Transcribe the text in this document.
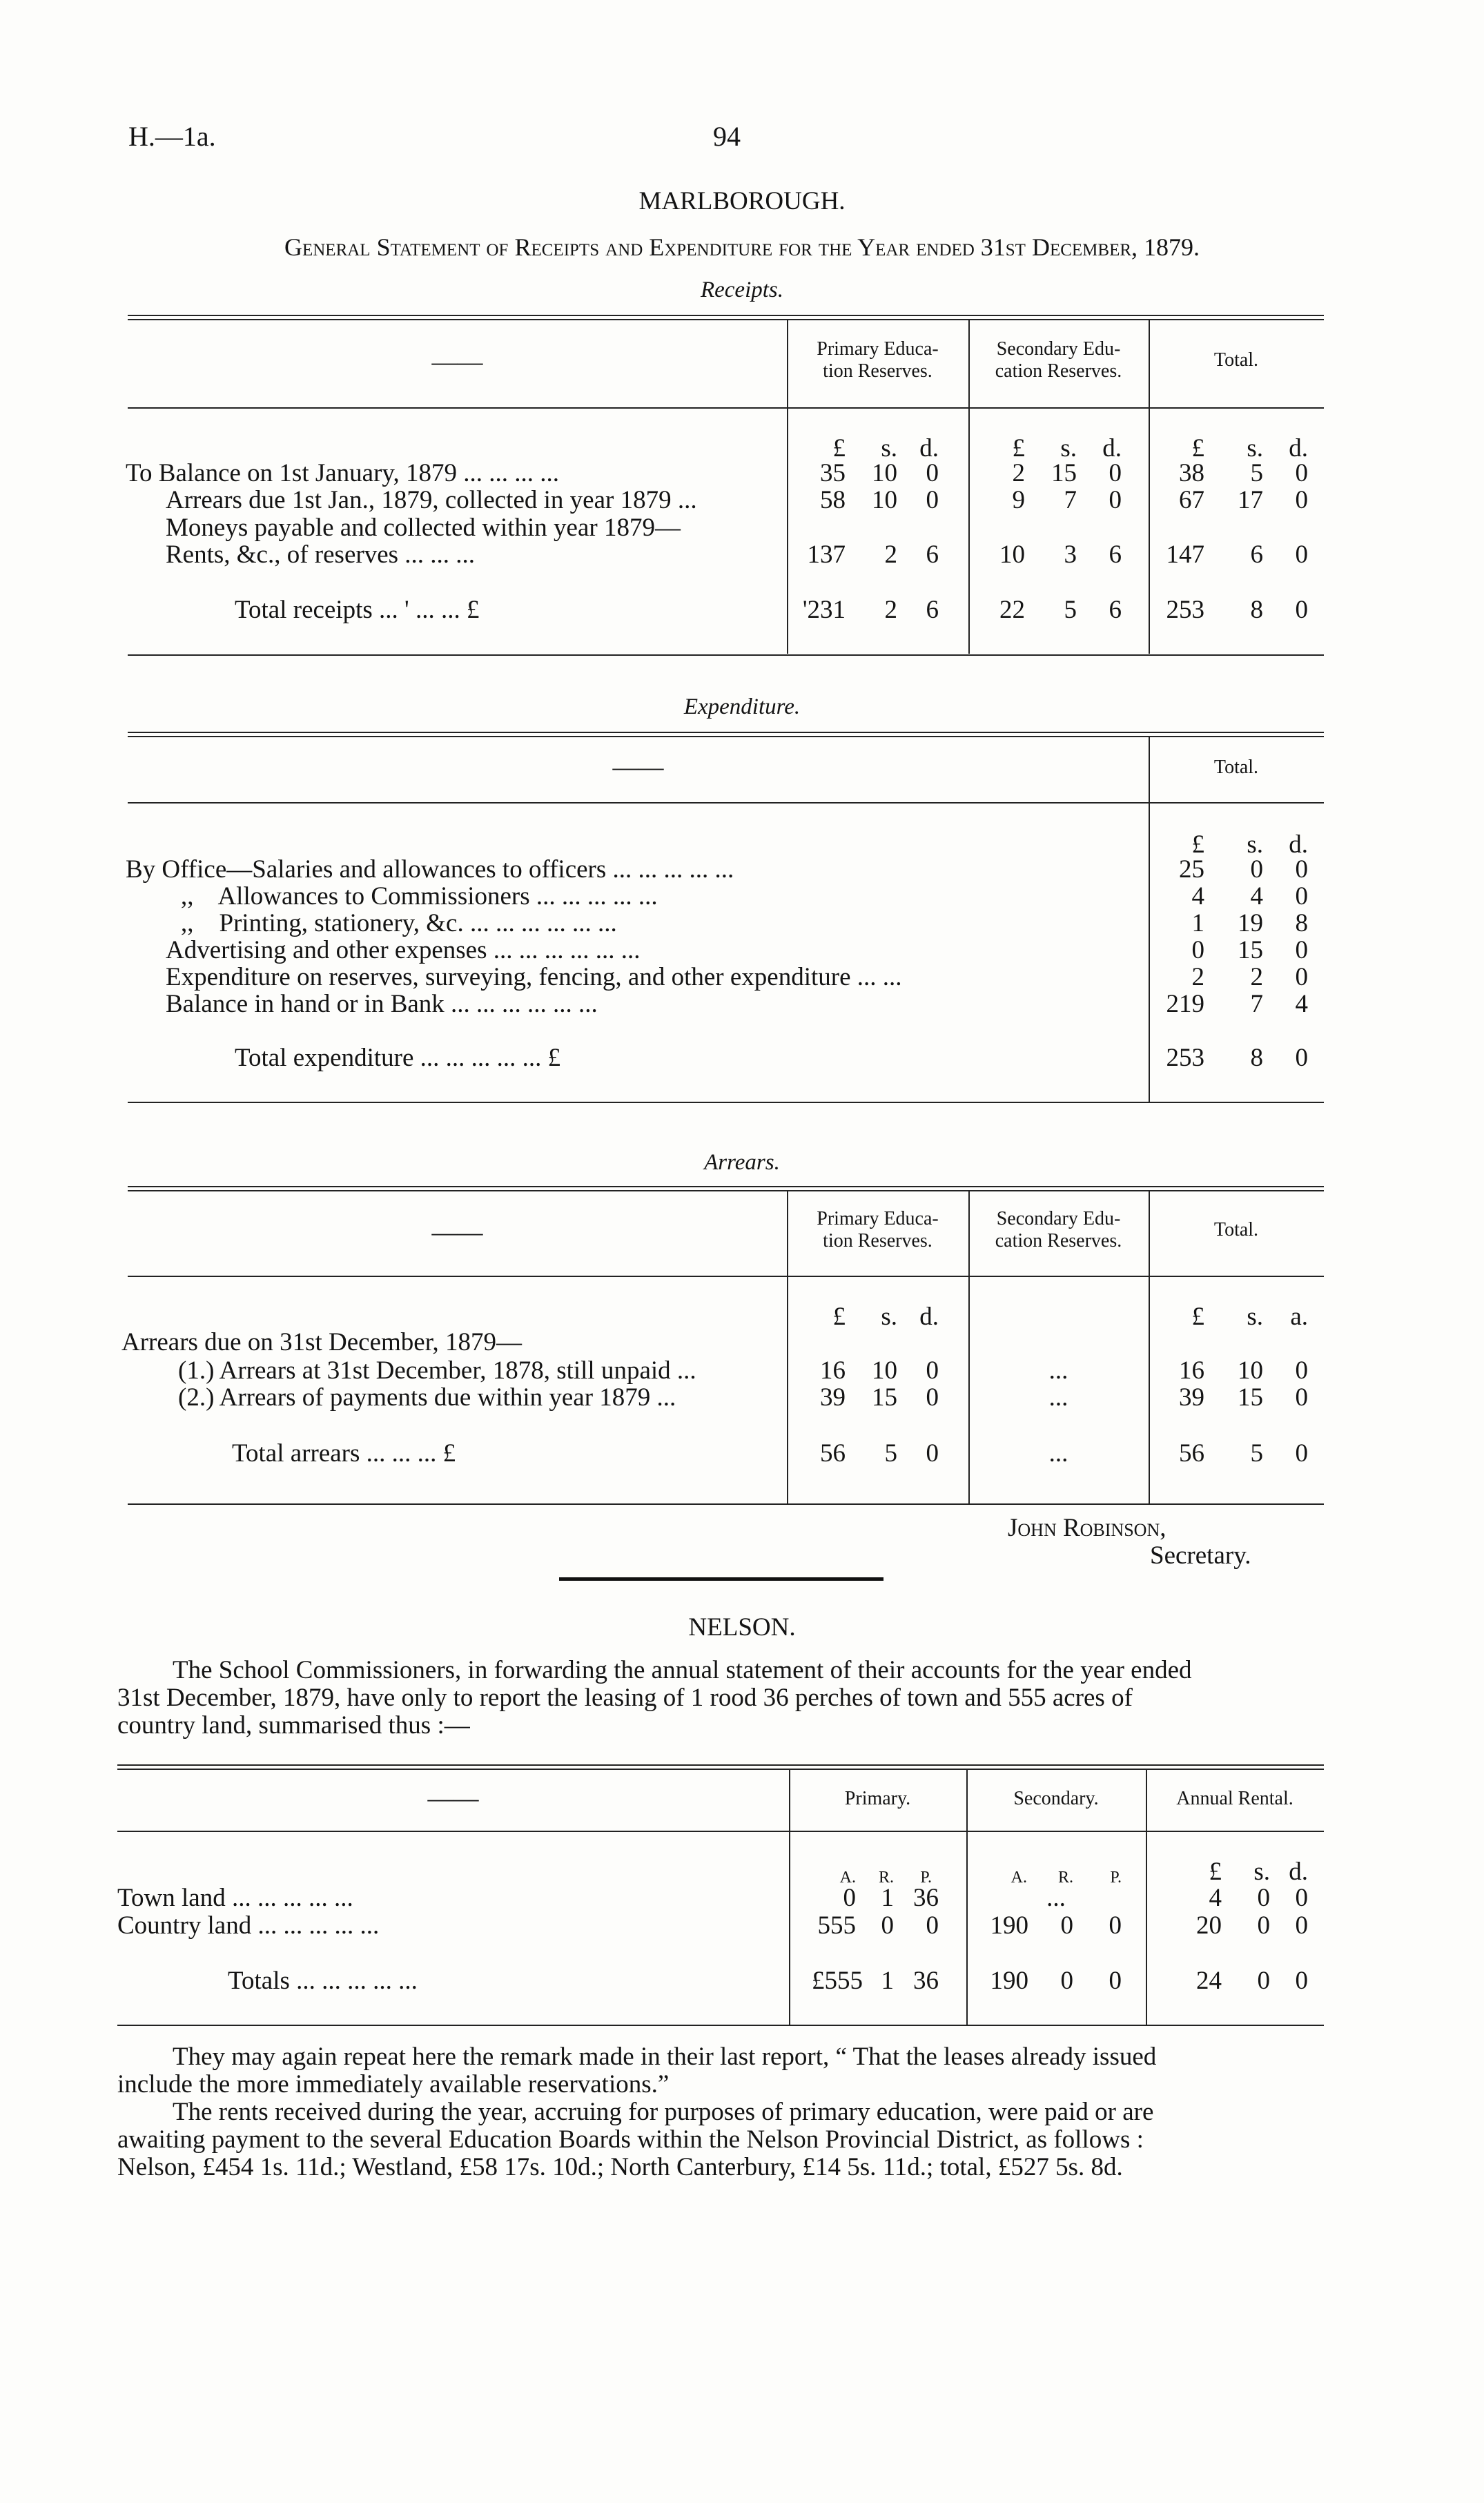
H.—1a.	94
MARLBOROUGH.
General Statement of Receipts and Expenditure for the Year ended 31st December, 1879.
Receipts.
——	Primary Educa-
tion Reserves.
Secondary Edu-
cation Reserves.
Total.
£	s. d.	£	s.	d.	£	s.	d.
To Balance on 1st January, 1879 ... ... ... ...	35	10	0	2	15	0	38	5	0
Arrears due 1st Jan., 1879, collected in year 1879 ...	58	10	0	9	7	0	67	17	0
Moneys payable and collected within year 1879—
Rents, &c., of reserves ... ... ...	137	2	6	10	3	6 147	6	0
Total receipts ... ' ... ... £	'231	2	6	22	5	6 253	8	0
Expenditure.
——	Total.
£	s.	d.
By Office—Salaries and allowances to officers ... ... ... ... ...	25	0	0
,,    Allowances to Commissioners ... ... ... ... ...	4	4	0
,,    Printing, stationery, &c. ... ... ... ... ... ...	1	19	8
Advertising and other expenses ... ... ... ... ... ...	0	15	0
Expenditure on reserves, surveying, fencing, and other expenditure ... ...	2	2	0
Balance in hand or in Bank ... ... ... ... ... ...	219	7	4
Total expenditure ... ... ... ... ... £	253	8	0
Arrears.
——	Primary Educa-
tion Reserves.
Secondary Edu-
cation Reserves.
Total.
£	s. d.	£	s.	a.
Arrears due on 31st December, 1879—
(1.) Arrears at 31st December, 1878, still unpaid ...	16	10	0	...	16	10	0
(2.) Arrears of payments due within year 1879 ...	39	15	0	...	39	15	0
Total arrears ... ... ... £	56	5	0	...	56	5	0
John Robinson,
Secretary.
NELSON.
The School Commissioners, in forwarding the annual statement of their accounts for the year ended
31st December, 1879, have only to report the leasing of 1 rood 36 perches of town and 555 acres of
country land, summarised thus :—
——	Primary.	Secondary.	Annual Rental.
A.	R.	P.	A.	R.	P.	£	s. d.
Town land ... ... ... ... ...	0 1 36	...	4	0 0
Country land ... ... ... ... ...	555 0	0	190	0	0	20	0 0
Totals ... ... ... ... ...	£555 1 36	190	0	0	24	0 0
They may again repeat here the remark made in their last report, “ That the leases already issued
include the more immediately available reservations.”
The rents received during the year, accruing for purposes of primary education, were paid or are
awaiting payment to the several Education Boards within the Nelson Provincial District, as follows :
Nelson, £454 1s. 11d.; Westland, £58 17s. 10d.; North Canterbury, £14 5s. 11d.; total, £527 5s. 8d.
